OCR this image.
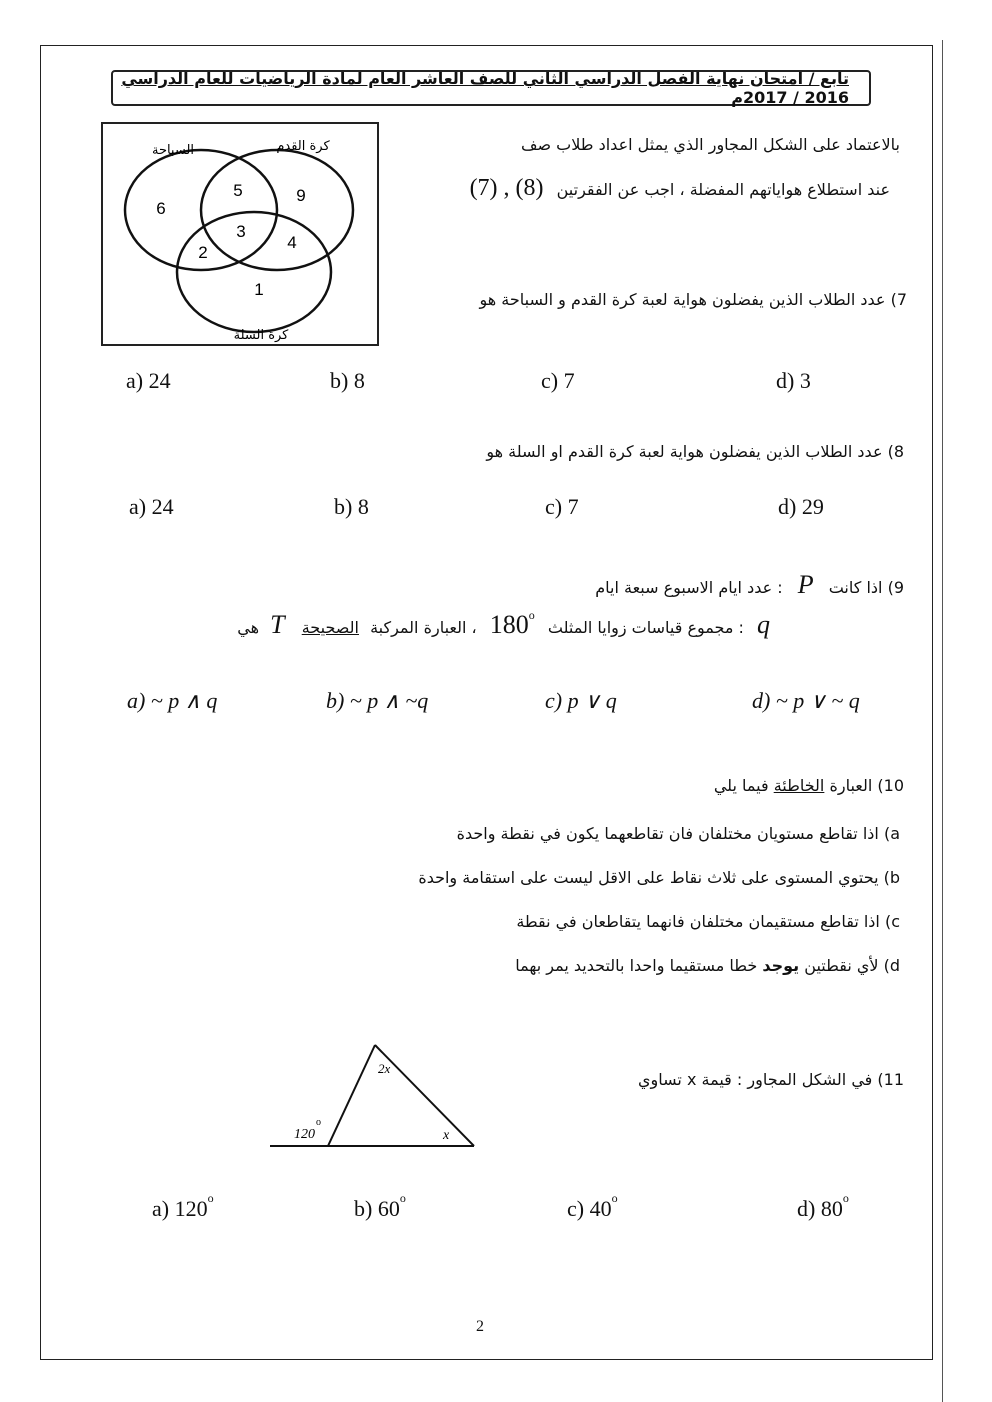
تابع / امتحان نهاية الفصل الدراسي الثاني للصف العاشر العام لمادة الرياضيات للعام الدراسي 2016 / 2017م
السباحة	كرة القدم
كرة السلة
6
5	9
3
2
4
1
بالاعتماد على الشكل المجاور الذي يمثل اعداد طلاب صف
عند استطلاع هواياتهم المفضلة ، اجب عن الفقرتين (7) , (8)
7) عدد الطلاب الذين يفضلون هواية لعبة كرة القدم و السباحة هو
a) 24	b) 8	c) 7	d) 3
8) عدد الطلاب الذين يفضلون هواية لعبة كرة القدم او السلة هو
a) 24	b) 8	c) 7	d) 29
9) اذا كانت P : عدد ايام الاسبوع سبعة ايام
q : مجموع قياسات زوايا المثلث 180$^o$ ، العبارة المركبة الصحيحة T هي
a) ~ p ∧ q	b) ~ p ∧ ~q	c) p ∨ q	d) ~ p ∨ ~ q
10) العبارة الخاطئة فيما يلي
a) اذا تقاطع مستويان مختلفان فان تقاطعهما يكون في نقطة واحدة
b) يحتوي المستوى على ثلاث نقاط على الاقل ليست على استقامة واحدة
c) اذا تقاطع مستقيمان مختلفان فانهما يتقاطعان في نقطة
d) لأي نقطتين يوجد خطا مستقيما واحدا بالتحديد يمر بهما
2x
120
o
x
11) في الشكل المجاور : قيمة x تساوي
a) 120$^o$	b) 60$^o$	c) 40$^o$	d) 80$^o$
2
